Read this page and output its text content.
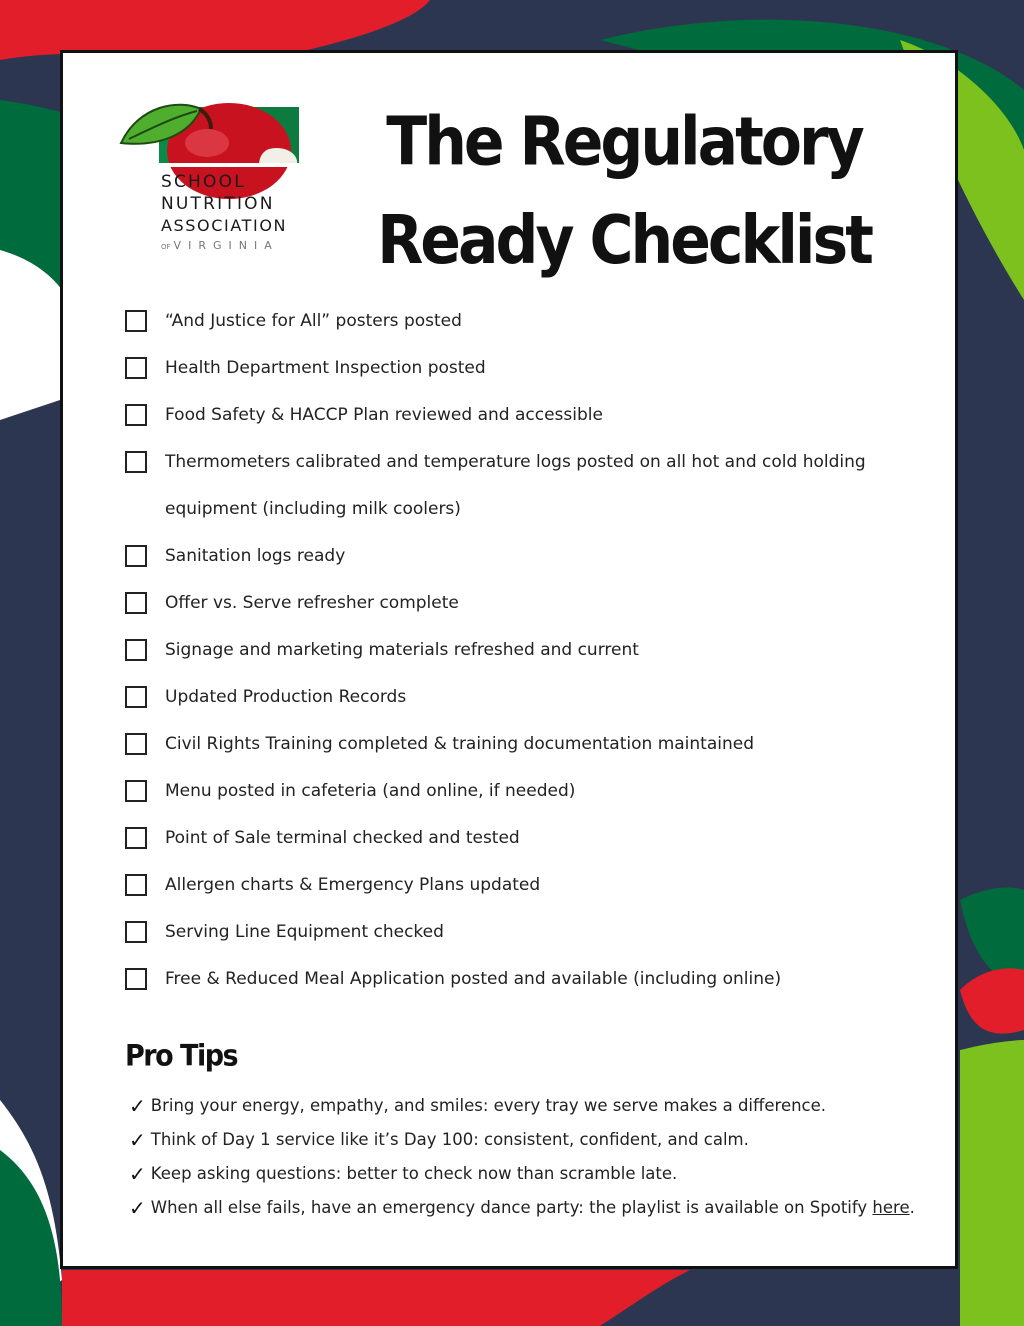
SCHOOL
NUTRITION
ASSOCIATION
OF VIRGINIA
The Regulatory Ready Checklist
“And Justice for All” posters posted
Health Department Inspection posted
Food Safety & HACCP Plan reviewed and accessible
Thermometers calibrated and temperature logs posted on all hot and cold holding equipment (including milk coolers)
Sanitation logs ready
Offer vs. Serve refresher complete
Signage and marketing materials refreshed and current
Updated Production Records
Civil Rights Training completed & training documentation maintained
Menu posted in cafeteria (and online, if needed)
Point of Sale terminal checked and tested
Allergen charts & Emergency Plans updated
Serving Line Equipment checked
Free & Reduced Meal Application posted and available (including online)
Pro Tips
✓ Bring your energy, empathy, and smiles: every tray we serve makes a difference.
✓ Think of Day 1 service like it’s Day 100: consistent, confident, and calm.
✓ Keep asking questions: better to check now than scramble late.
✓ When all else fails, have an emergency dance party: the playlist is available on Spotify
here .
